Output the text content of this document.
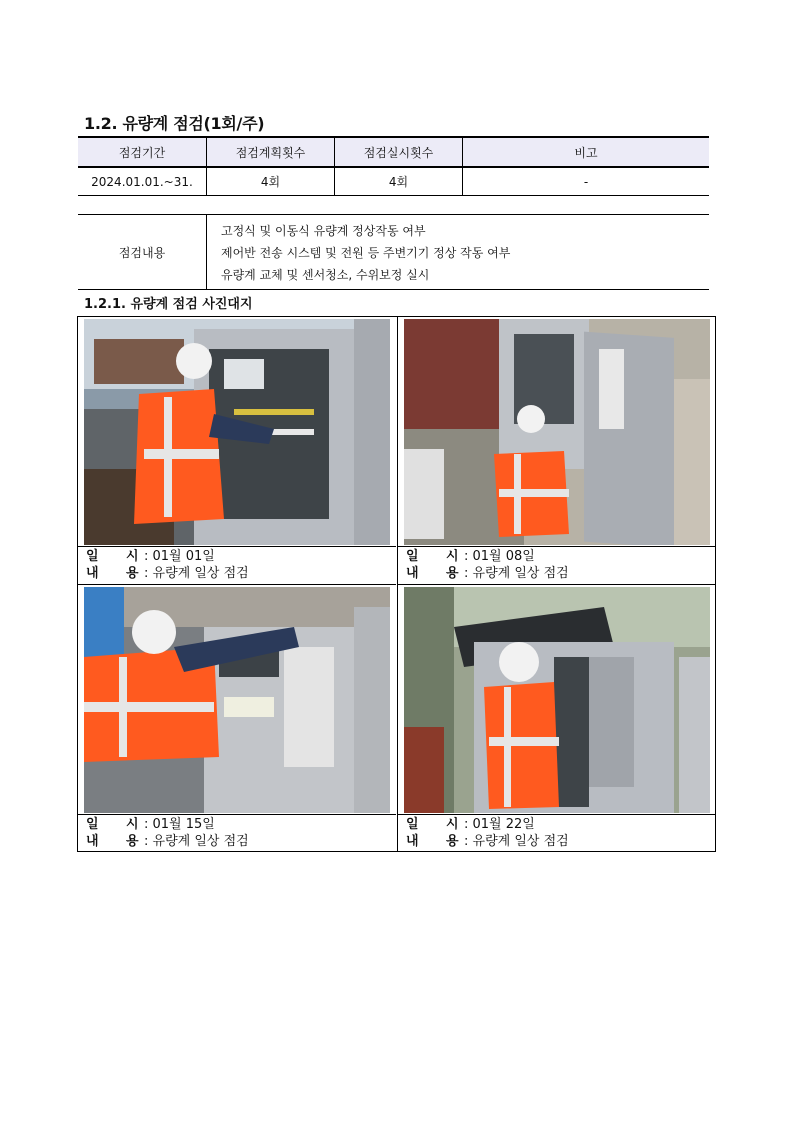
1.2. 유량계 점검(1회/주)
점검기간	점검계획횟수	점검실시횟수	비고
2024.01.01.~31.	4회	4회	-
점검내용
고정식 및 이동식 유량계 정상작동 여부
제어반 전송 시스템 및 전원 등 주변기기 정상 작동 여부
유량계 교체 및 센서청소, 수위보정 실시
1.2.1. 유량계 점검 사진대지
일 시 : 01월 01일
내 용 : 유량계 일상 점검
일 시 : 01월 08일
내 용 : 유량계 일상 점검
일 시 : 01월 15일
내 용 : 유량계 일상 점검
일 시 : 01월 22일
내 용 : 유량계 일상 점검
